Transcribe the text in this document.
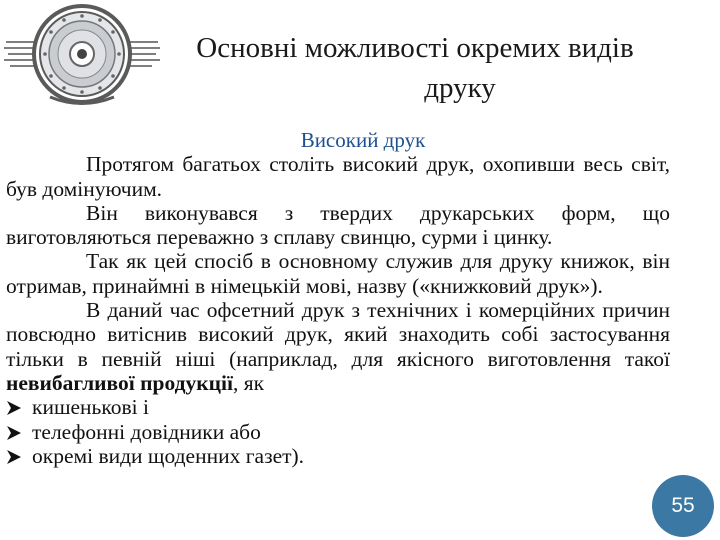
Основні можливості окремих видів
друку
Високий друк

Протягом багатьох століть високий друк, охопивши весь світ, був домінуючим.

Він виконувався з твердих друкарських форм, що виготовляються переважно з сплаву свинцю, сурми і цинку.

Так як цей спосіб в основному служив для друку книжок, він отримав, принаймні в німецькій мові, назву («книжковий друк»).

В даний час офсетний друк з технічних і комерційних причин повсюдно витіснив високий друк, який знаходить собі застосування тільки в певній ніші (наприклад, для якісного виготовлення такої невибагливої продукції, як

кишенькові і
телефонні довідники або
окремі види щоденних газет).
55
